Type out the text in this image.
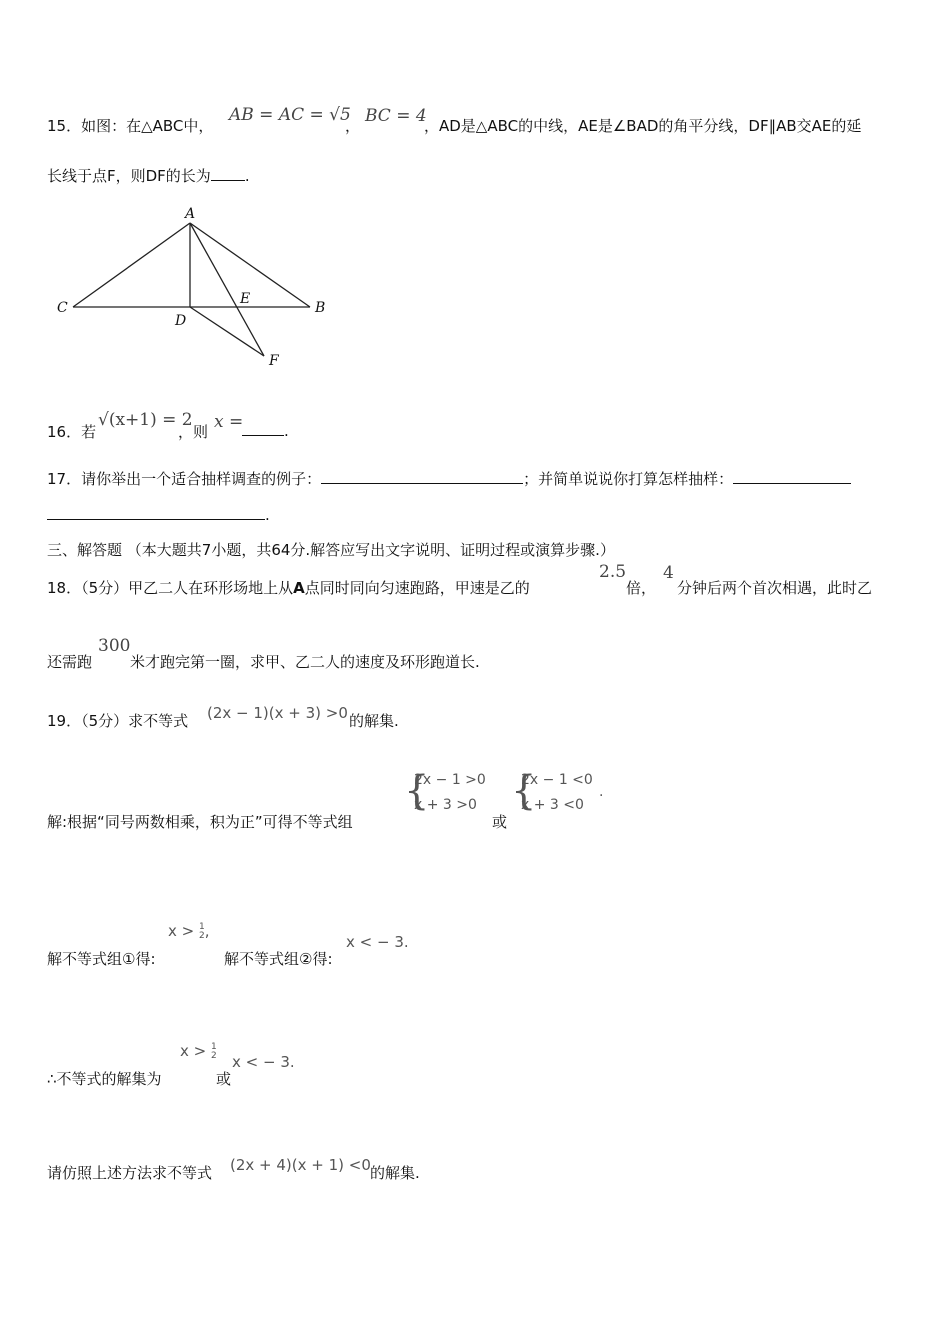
15．如图：在△ABC中，
AB = AC = √5
， BC = 4
，AD是△ABC的中线，AE是∠BAD的角平分线，DF∥AB交AE的延
长线于点F，则DF的长为 .
A
B
C
D
E
F
16．若
√(x+1) = 2
，则 x =	.
17．请你举出一个适合抽样调查的例子：	；并简单说说你打算怎样抽样：
.
三、解答题 （本大题共7小题，共64分.解答应写出文字说明、证明过程或演算步骤.）
18．（5分）甲乙二人在环形场地上从A点同时同向匀速跑路，甲速是乙的
2.5
倍，
4
分钟后两个首次相遇，此时乙
还需跑
300
米才跑完第一圈，求甲、乙二人的速度及环形跑道长.
19．（5分）求不等式 (2x − 1)(x + 3) >0 的解集.
解:根据“同号两数相乘，积为正”可得不等式组
{
2x − 1 >0
x + 3 >0
或
{
2x − 1 <0
x + 3 <0
.
解不等式组①得:
x > 1
2,
解不等式组②得:
x < − 3.
∴不等式的解集为
x > 1
2
或
x < − 3.
请仿照上述方法求不等式 (2x + 4)(x + 1) <0 的解集.
